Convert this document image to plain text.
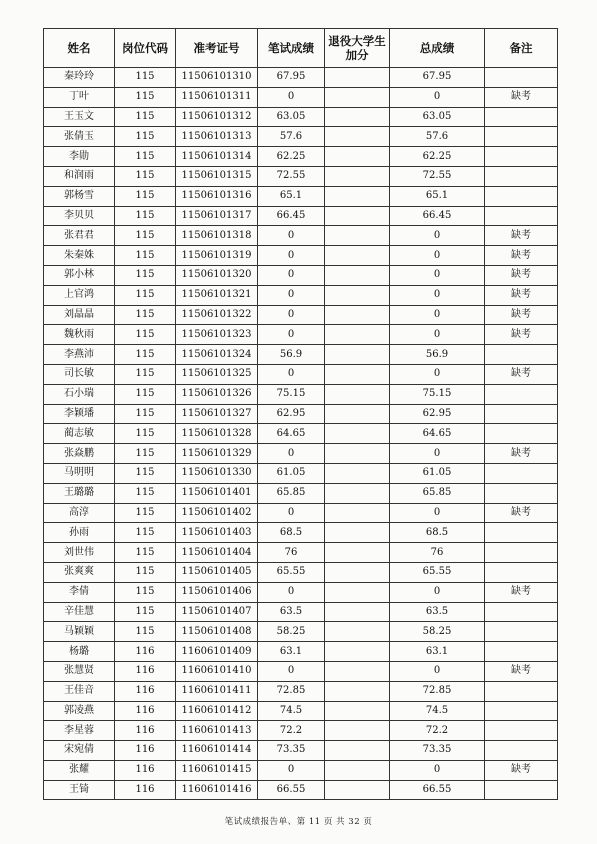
姓名	岗位代码	准考证号	笔试成绩	退役大学生加分	总成绩	备注
秦玲玲	115	11506101310	67.95		67.95	
丁叶	115	11506101311	0		0	缺考
王玉文	115	11506101312	63.05		63.05	
张倩玉	115	11506101313	57.6		57.6	
李勋	115	11506101314	62.25		62.25	
和润雨	115	11506101315	72.55		72.55	
郭杨雪	115	11506101316	65.1		65.1	
李贝贝	115	11506101317	66.45		66.45	
张君君	115	11506101318	0		0	缺考
朱秦姝	115	11506101319	0		0	缺考
郭小林	115	11506101320	0		0	缺考
上官鸿	115	11506101321	0		0	缺考
刘晶晶	115	11506101322	0		0	缺考
魏秋雨	115	11506101323	0		0	缺考
李燕沛	115	11506101324	56.9		56.9	
司长敏	115	11506101325	0		0	缺考
石小瑞	115	11506101326	75.15		75.15	
李颖璠	115	11506101327	62.95		62.95	
蔺志敏	115	11506101328	64.65		64.65	
张焱鹏	115	11506101329	0		0	缺考
马明明	115	11506101330	61.05		61.05	
王璐璐	115	11506101401	65.85		65.85	
高淳	115	11506101402	0		0	缺考
孙雨	115	11506101403	68.5		68.5	
刘世伟	115	11506101404	76		76	
张爽爽	115	11506101405	65.55		65.55	
李倩	115	11506101406	0		0	缺考
辛佳慧	115	11506101407	63.5		63.5	
马颖颖	115	11506101408	58.25		58.25	
杨璐	116	11606101409	63.1		63.1	
张慧贤	116	11606101410	0		0	缺考
王佳音	116	11606101411	72.85		72.85	
郭凌燕	116	11606101412	74.5		74.5	
李星蓉	116	11606101413	72.2		72.2	
宋宛倩	116	11606101414	73.35		73.35	
张耀	116	11606101415	0		0	缺考
王锜	116	11606101416	66.55		66.55	
笔试成绩报告单、第 11 页 共 32 页
